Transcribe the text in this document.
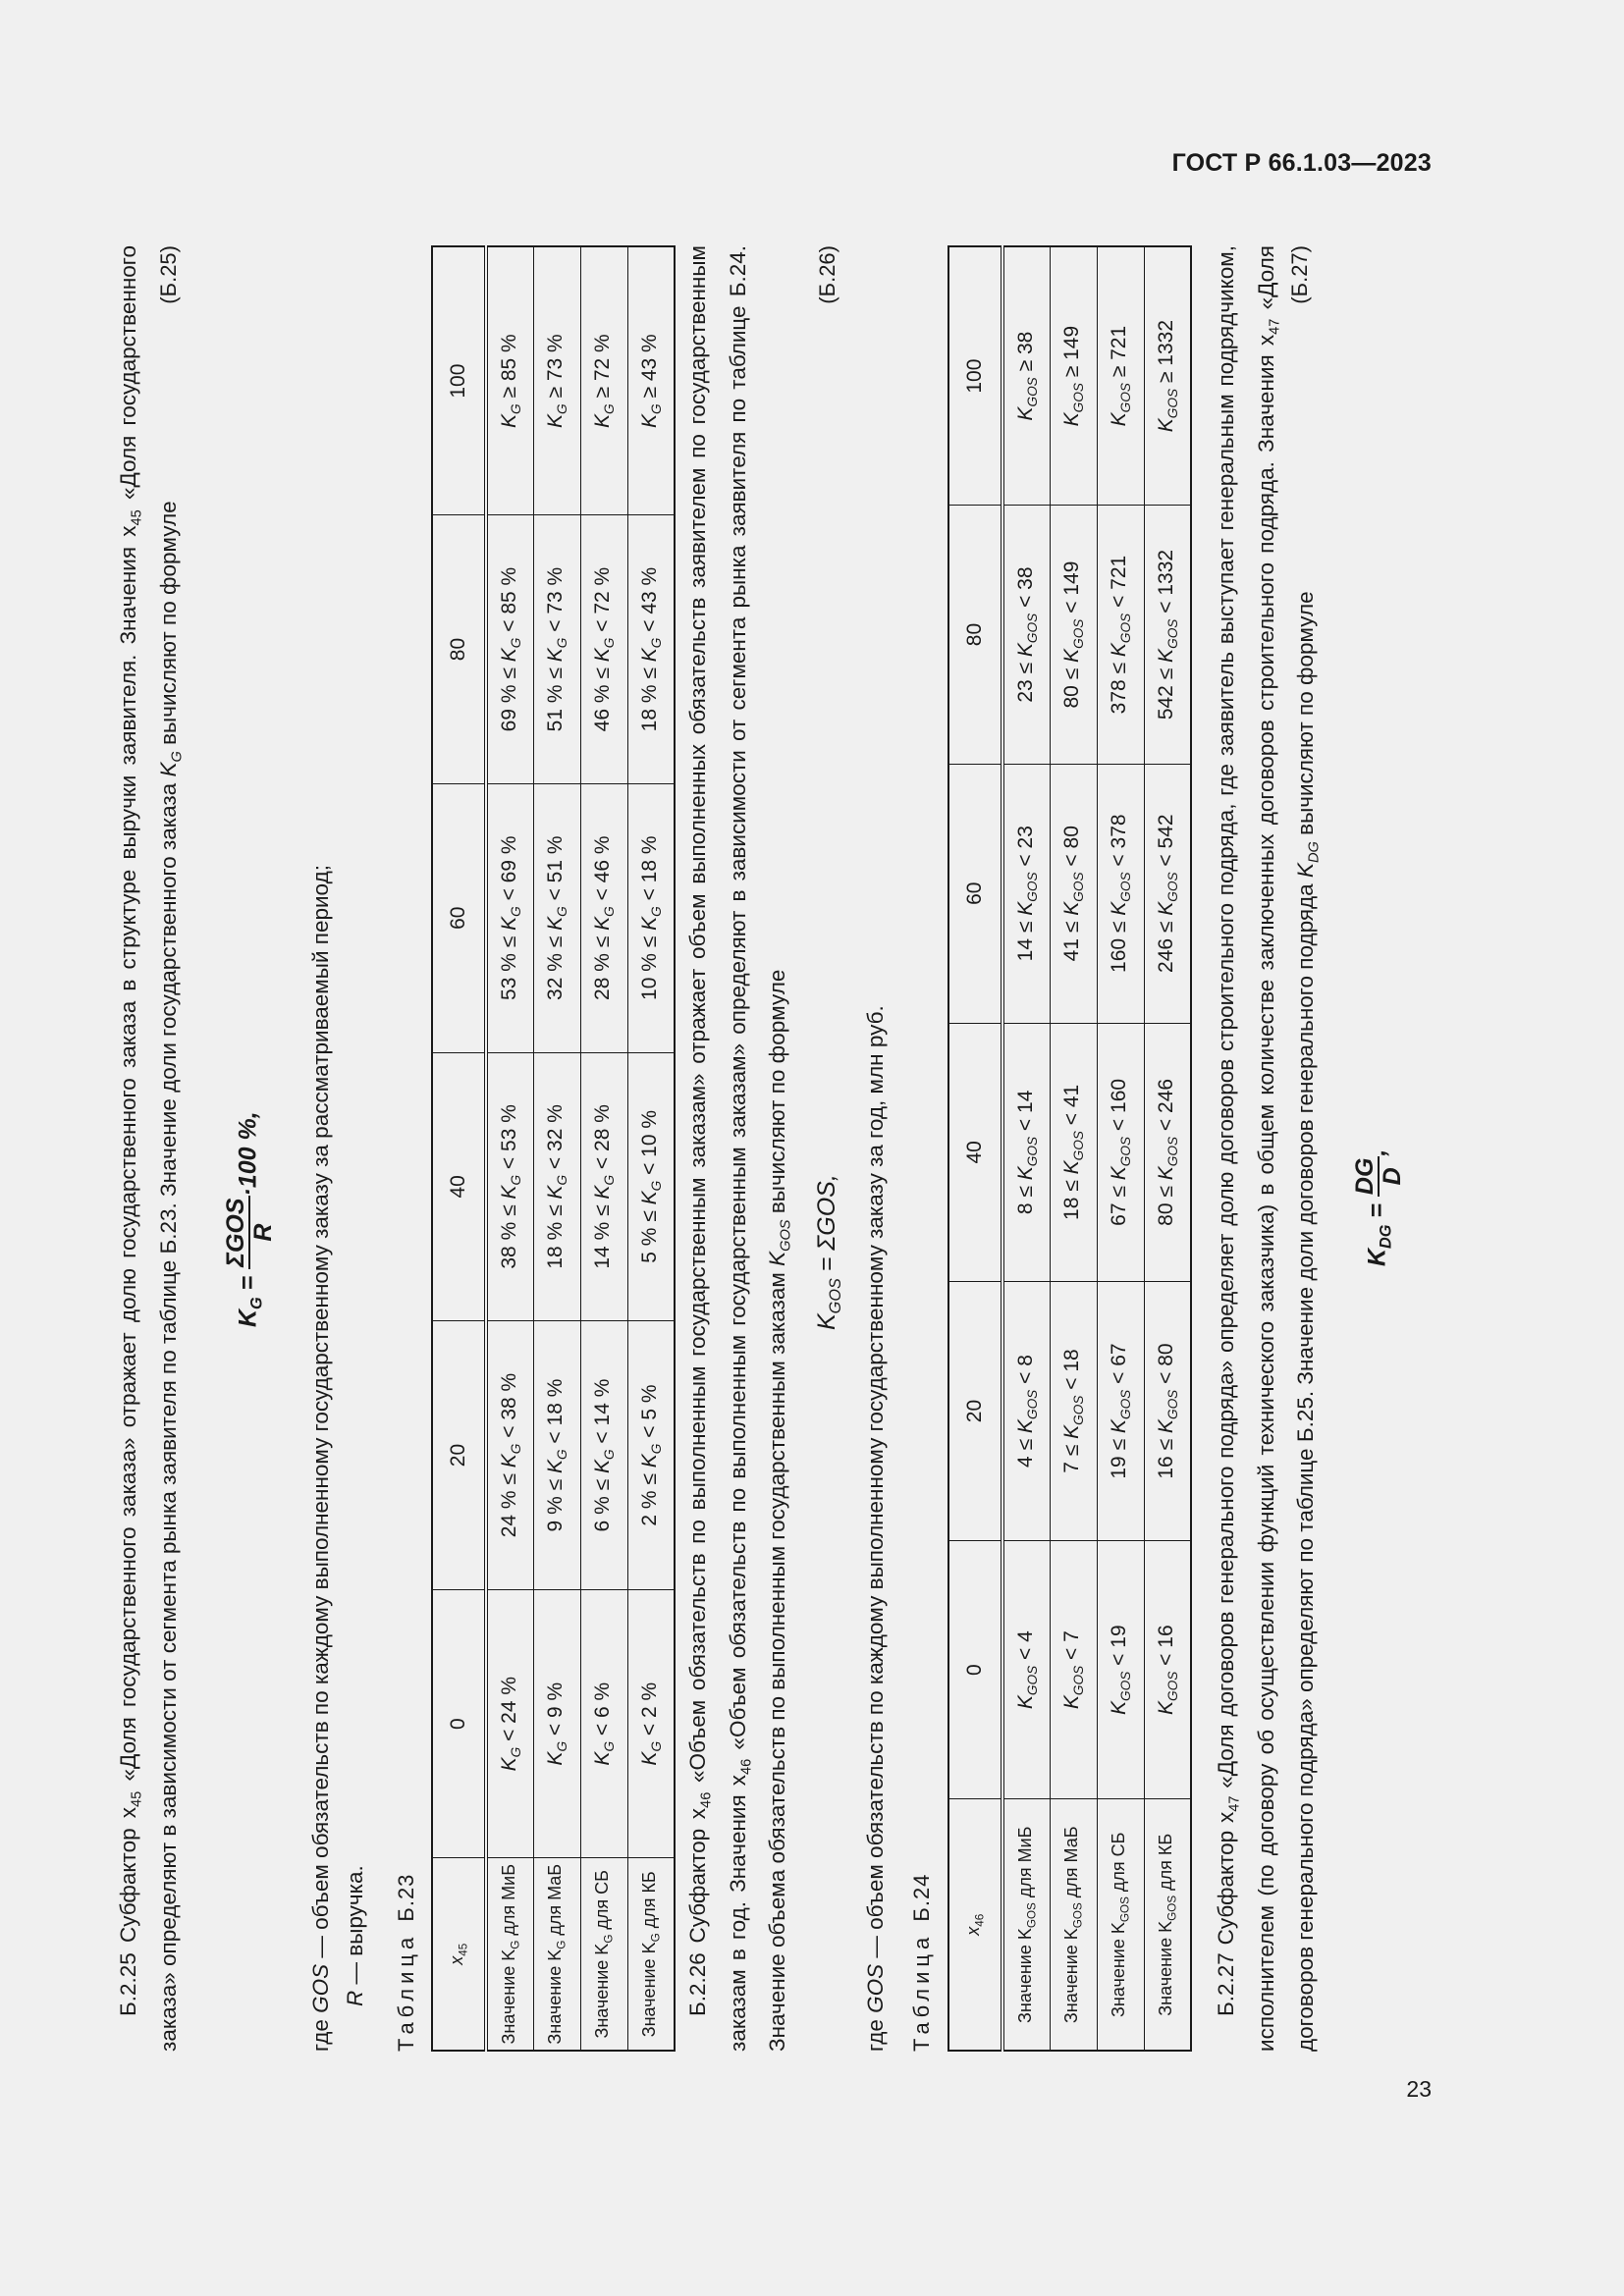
ГОСТ Р 66.1.03—2023

Б.2.25 Субфактор $x_{45}$ «Доля государственного заказа» отражает долю государственного заказа в структуре выручки заявителя. Значения $x_{45}$ «Доля государственного заказа» определяют в зависимости от сегмента рынка заявителя по таблице Б.23. Значение доли государственного заказа $K_G$ вычисляют по формуле

$K_G$ =
ΣGOS R
·100 %,
(Б.25)
где GOS — объем обязательств по каждому выполненному государственному заказу за рассматриваемый период;
R — выручка.
Таблица Б.23
$x_{45}$	0	20	40	60	80	100
Значение $K_G$ для МиБ	$K_G < 24$ %	24 % ≤ $K_G < 38$ %	38 % ≤ $K_G < 53$ %	53 % ≤ $K_G < 69$ %	69 % ≤ $K_G < 85$ %	$K_G \ge 85$ %
Значение $K_G$ для МаБ	$K_G < 9$ %	9 % ≤ $K_G < 18$ %	18 % ≤ $K_G < 32$ %	32 % ≤ $K_G < 51$ %	51 % ≤ $K_G < 73$ %	$K_G \ge 73$ %
Значение $K_G$ для СБ	$K_G < 6$ %	6 % ≤ $K_G < 14$ %	14 % ≤ $K_G < 28$ %	28 % ≤ $K_G < 46$ %	46 % ≤ $K_G < 72$ %	$K_G \ge 72$ %
Значение $K_G$ для КБ	$K_G < 2$ %	2 % ≤ $K_G < 5$ %	5 % ≤ $K_G < 10$ %	10 % ≤ $K_G < 18$ %	18 % ≤ $K_G < 43$ %	$K_G \ge 43$ %

Б.2.26 Субфактор $x_{46}$ «Объем обязательств по выполненным государственным заказам» отражает объем выполненных обязательств заявителем по государственным заказам в год. Значения $x_{46}$ «Объем обязательств по выполненным государственным заказам» определяют в зависимости от сегмента рынка заявителя по таблице Б.24. Значение объема обязательств по выполненным государственным заказам $K_{GOS}$ вычисляют по формуле

$K_{GOS} = \Sigma GOS$,
(Б.26)
где GOS — объем обязательств по каждому выполненному государственному заказу за год, млн руб.
Таблица Б.24
$x_{46}$	0	20	40	60	80	100
Значение $K_{GOS}$ для МиБ	$K_{GOS} < 4$	$4 \le K_{GOS} < 8$	$8 \le K_{GOS} < 14$	$14 \le K_{GOS} < 23$	$23 \le K_{GOS} < 38$	$K_{GOS} \ge 38$
Значение $K_{GOS}$ для МаБ	$K_{GOS} < 7$	$7 \le K_{GOS} < 18$	$18 \le K_{GOS} < 41$	$41 \le K_{GOS} < 80$	$80 \le K_{GOS} < 149$	$K_{GOS} \ge 149$
Значение $K_{GOS}$ для СБ	$K_{GOS} < 19$	$19 \le K_{GOS} < 67$	$67 \le K_{GOS} < 160$	$160 \le K_{GOS} < 378$	$378 \le K_{GOS} < 721$	$K_{GOS} \ge 721$
Значение $K_{GOS}$ для КБ	$K_{GOS} < 16$	$16 \le K_{GOS} < 80$	$80 \le K_{GOS} < 246$	$246 \le K_{GOS} < 542$	$542 \le K_{GOS} < 1332$	$K_{GOS} \ge 1332$

Б.2.27 Субфактор $x_{47}$ «Доля договоров генерального подряда» определяет долю договоров строительного подряда, где заявитель выступает генеральным подрядчиком, исполнителем (по договору об осуществлении функций технического заказчика) в общем количестве заключенных договоров строительного подряда. Значения $x_{47}$ «Доля договоров генерального подряда» определяют по таблице Б.25. Значение доли договоров генерального подряда $K_{DG}$ вычисляют по формуле

$K_{DG}$ =
DG D
,
(Б.27)
23
